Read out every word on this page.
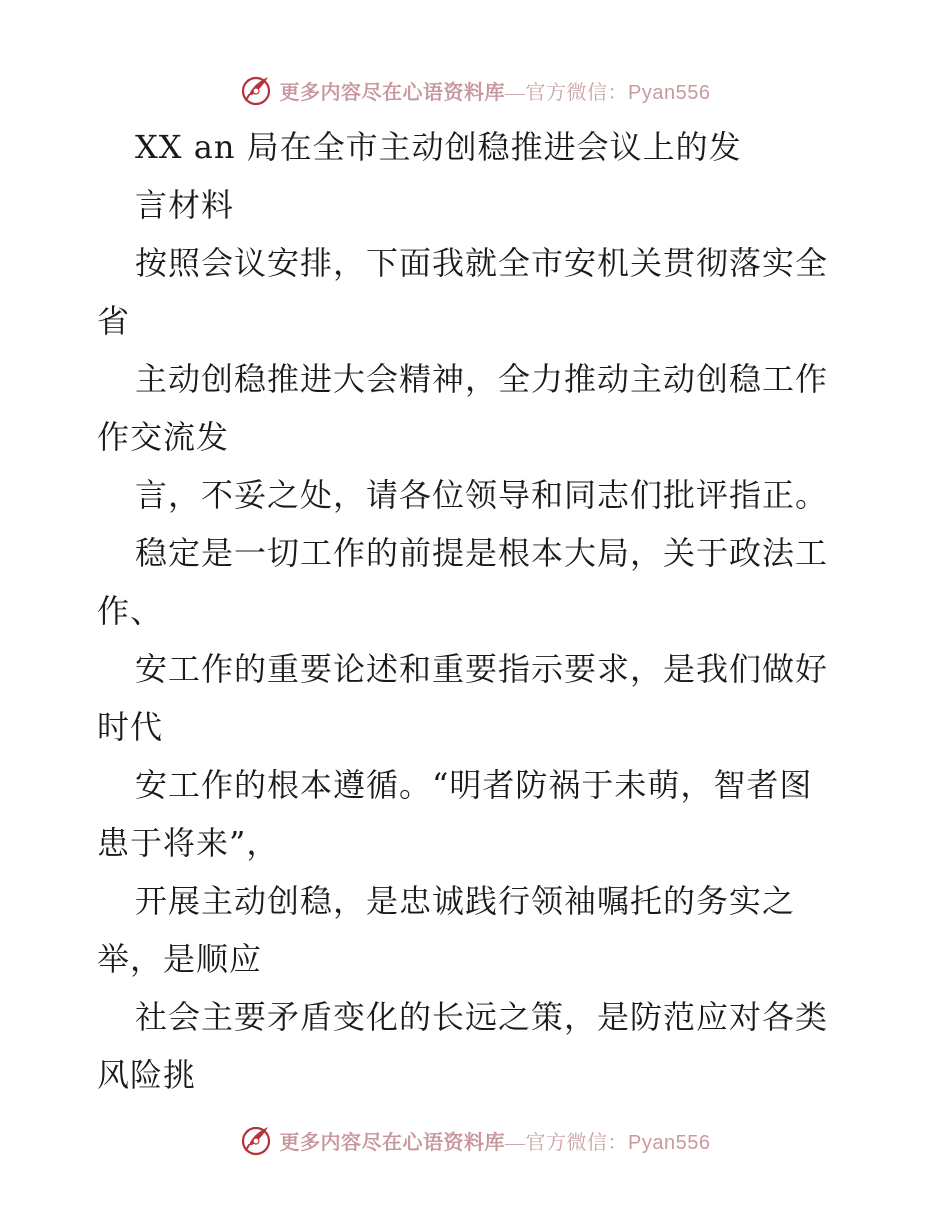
更多内容尽在心语资料库—官方微信：Pyan556
XX an 局在全市主动创稳推进会议上的发
言材料
按照会议安排，下面我就全市安机关贯彻落实全
省
主动创稳推进大会精神，全力推动主动创稳工作
作交流发
言，不妥之处，请各位领导和同志们批评指正。
稳定是一切工作的前提是根本大局，关于政法工
作、
安工作的重要论述和重要指示要求，是我们做好
时代
安工作的根本遵循。“明者防祸于未萌，智者图
患于将来”，
开展主动创稳，是忠诚践行领袖嘱托的务实之
举，是顺应
社会主要矛盾变化的长远之策，是防范应对各类
风险挑
更多内容尽在心语资料库—官方微信：Pyan556
